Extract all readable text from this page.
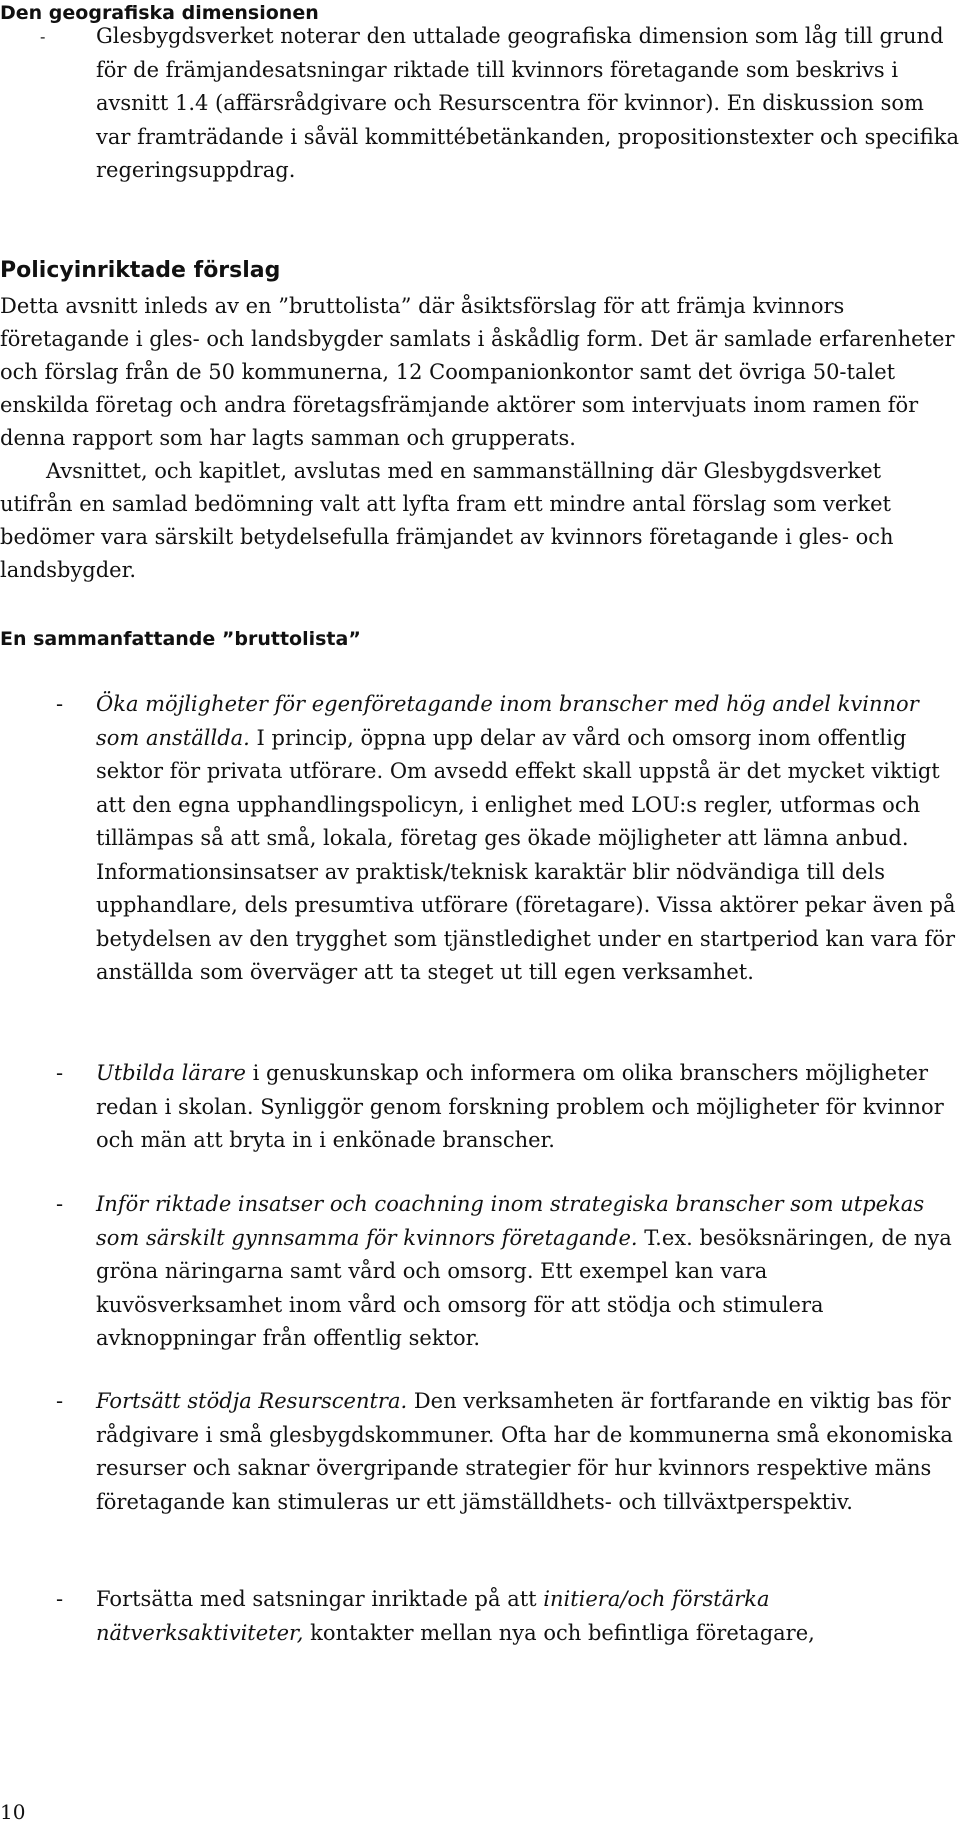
Den geografiska dimensionen
- Glesbygdsverket noterar den uttalade geografiska dimension som låg till grund för de främjandesatsningar riktade till kvinnors företagande som beskrivs i avsnitt 1.4 (affärsrådgivare och Resurscentra för kvinnor). En diskussion som var framträdande i såväl kommittébetänkanden, propositionstexter och specifika regeringsuppdrag.
Policyinriktade förslag

Detta avsnitt inleds av en ”bruttolista” där åsiktsförslag för att främja kvinnors företagande i gles- och landsbygder samlats i åskådlig form. Det är samlade erfarenheter och förslag från de 50 kommunerna, 12 Coompanionkontor samt det övriga 50-talet enskilda företag och andra företagsfrämjande aktörer som intervjuats inom ramen för denna rapport som har lagts samman och grupperats.

Avsnittet, och kapitlet, avslutas med en sammanställning där Glesbygdsverket utifrån en samlad bedömning valt att lyfta fram ett mindre antal förslag som verket bedömer vara särskilt betydelsefulla främjandet av kvinnors företagande i gles- och landsbygder.

En sammanfattande ”bruttolista”
- Öka möjligheter för egenföretagande inom branscher med hög andel kvinnor som anställda. I princip, öppna upp delar av vård och omsorg inom offentlig sektor för privata utförare. Om avsedd effekt skall uppstå är det mycket viktigt att den egna upphandlingspolicyn, i enlighet med LOU:s regler, utformas och tillämpas så att små, lokala, företag ges ökade möjligheter att lämna anbud. Informationsinsatser av praktisk/teknisk karaktär blir nödvändiga till dels upphandlare, dels presumtiva utförare (företagare). Vissa aktörer pekar även på betydelsen av den trygghet som tjänstledighet under en startperiod kan vara för anställda som överväger att ta steget ut till egen verksamhet.
- Utbilda lärare i genuskunskap och informera om olika branschers möjligheter redan i skolan. Synliggör genom forskning problem och möjligheter för kvinnor och män att bryta in i enkönade branscher.
- Inför riktade insatser och coachning inom strategiska branscher som utpekas som särskilt gynnsamma för kvinnors företagande. T.ex. besöksnäringen, de nya gröna näringarna samt vård och omsorg. Ett exempel kan vara kuvösverksamhet inom vård och omsorg för att stödja och stimulera avknoppningar från offentlig sektor.
- Fortsätt stödja Resurscentra. Den verksamheten är fortfarande en viktig bas för rådgivare i små glesbygdskommuner. Ofta har de kommunerna små ekonomiska resurser och saknar övergripande strategier för hur kvinnors respektive mäns företagande kan stimuleras ur ett jämställdhets- och tillväxtperspektiv.
- Fortsätta med satsningar inriktade på att initiera/och förstärka nätverksaktiviteter, kontakter mellan nya och befintliga företagare,

10
